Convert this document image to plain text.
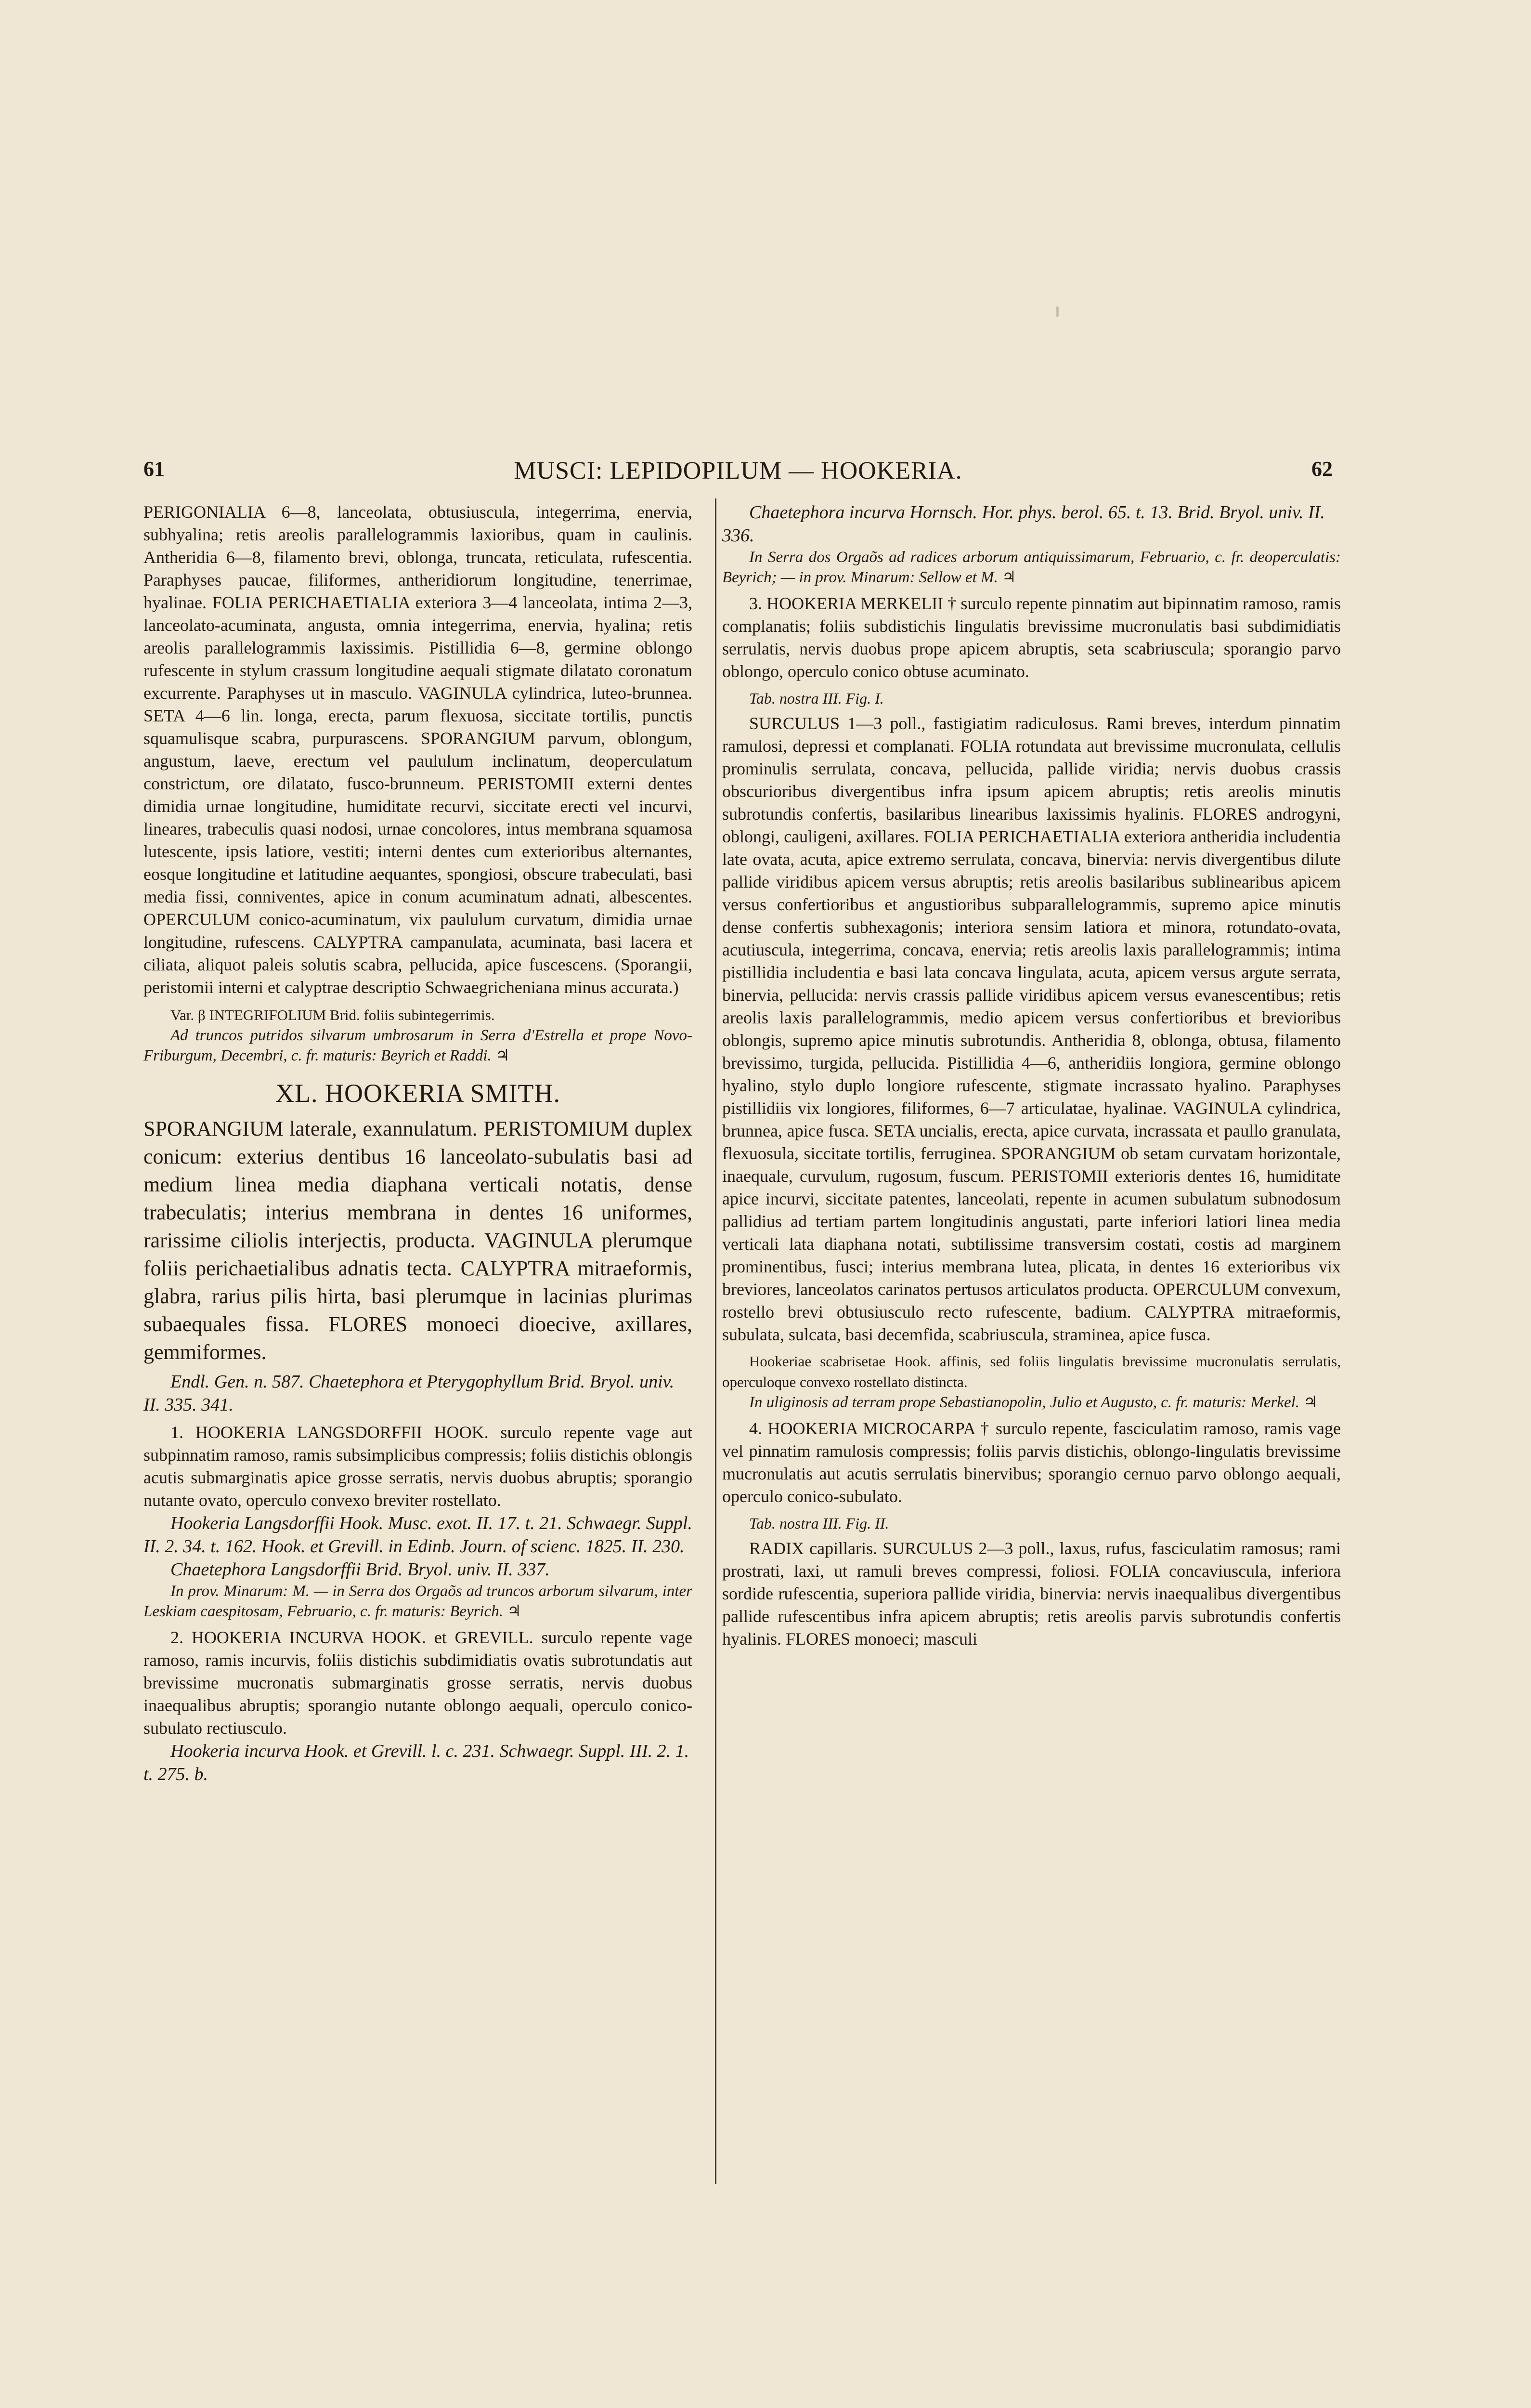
61	MUSCI: LEPIDOPILUM — HOOKERIA.	62

PERIGONIALIA 6—8, lanceolata, obtusiuscula, integerrima, enervia, subhyalina; retis areolis parallelogrammis laxioribus, quam in caulinis. Antheridia 6—8, filamento brevi, oblonga, truncata, reticulata, rufescentia. Paraphyses paucae, filiformes, antheridiorum longitudine, tenerrimae, hyalinae. FOLIA PERICHAETIALIA exteriora 3—4 lanceolata, intima 2—3, lanceolato-acuminata, angusta, omnia integerrima, enervia, hyalina; retis areolis parallelogrammis laxissimis. Pistillidia 6—8, germine oblongo rufescente in stylum crassum longitudine aequali stigmate dilatato coronatum excurrente. Paraphyses ut in masculo. VAGINULA cylindrica, luteo-brunnea. SETA 4—6 lin. longa, erecta, parum flexuosa, siccitate tortilis, punctis squamulisque scabra, purpurascens. SPORANGIUM parvum, oblongum, angustum, laeve, erectum vel paululum inclinatum, deoperculatum constrictum, ore dilatato, fusco-brunneum. PERISTOMII externi dentes dimidia urnae longitudine, humiditate recurvi, siccitate erecti vel incurvi, lineares, trabeculis quasi nodosi, urnae concolores, intus membrana squamosa lutescente, ipsis latiore, vestiti; interni dentes cum exterioribus alternantes, eosque longitudine et latitudine aequantes, spongiosi, obscure trabeculati, basi media fissi, conniventes, apice in conum acuminatum adnati, albescentes. OPERCULUM conico-acuminatum, vix paululum curvatum, dimidia urnae longitudine, rufescens. CALYPTRA campanulata, acuminata, basi lacera et ciliata, aliquot paleis solutis scabra, pellucida, apice fuscescens. (Sporangii, peristomii interni et calyptrae descriptio Schwaegricheniana minus accurata.)

Var. β INTEGRIFOLIUM Brid. foliis subintegerrimis.

Ad truncos putridos silvarum umbrosarum in Serra d'Estrella et prope Novo-Friburgum, Decembri, c. fr. maturis: Beyrich et Raddi. ♃

XL. HOOKERIA SMITH.

SPORANGIUM laterale, exannulatum. PERISTOMIUM duplex conicum: exterius dentibus 16 lanceolato-subulatis basi ad medium linea media diaphana verticali notatis, dense trabeculatis; interius membrana in dentes 16 uniformes, rarissime ciliolis interjectis, producta. VAGINULA plerumque foliis perichaetialibus adnatis tecta. CALYPTRA mitraeformis, glabra, rarius pilis hirta, basi plerumque in lacinias plurimas subaequales fissa. FLORES monoeci dioecive, axillares, gemmiformes.

Endl. Gen. n. 587. Chaetephora et Pterygophyllum Brid. Bryol. univ. II. 335. 341.

1. HOOKERIA LANGSDORFFII HOOK. surculo repente vage aut subpinnatim ramoso, ramis subsimplicibus compressis; foliis distichis oblongis acutis submarginatis apice grosse serratis, nervis duobus abruptis; sporangio nutante ovato, operculo convexo breviter rostellato.

Hookeria Langsdorffii Hook. Musc. exot. II. 17. t. 21. Schwaegr. Suppl. II. 2. 34. t. 162. Hook. et Grevill. in Edinb. Journ. of scienc. 1825. II. 230.

Chaetephora Langsdorffii Brid. Bryol. univ. II. 337.

In prov. Minarum: M. — in Serra dos Orgaõs ad truncos arborum silvarum, inter Leskiam caespitosam, Februario, c. fr. maturis: Beyrich. ♃

2. HOOKERIA INCURVA HOOK. et GREVILL. surculo repente vage ramoso, ramis incurvis, foliis distichis subdimidiatis ovatis subrotundatis aut brevissime mucronatis submarginatis grosse serratis, nervis duobus inaequalibus abruptis; sporangio nutante oblongo aequali, operculo conico-subulato rectiusculo.

Hookeria incurva Hook. et Grevill. l. c. 231. Schwaegr. Suppl. III. 2. 1. t. 275. b.

Chaetephora incurva Hornsch. Hor. phys. berol. 65. t. 13. Brid. Bryol. univ. II. 336.

In Serra dos Orgaõs ad radices arborum antiquissimarum, Februario, c. fr. deoperculatis: Beyrich; — in prov. Minarum: Sellow et M. ♃

3. HOOKERIA MERKELII † surculo repente pinnatim aut bipinnatim ramoso, ramis complanatis; foliis subdistichis lingulatis brevissime mucronulatis basi subdimidiatis serrulatis, nervis duobus prope apicem abruptis, seta scabriuscula; sporangio parvo oblongo, operculo conico obtuse acuminato.

Tab. nostra III. Fig. I.

SURCULUS 1—3 poll., fastigiatim radiculosus. Rami breves, interdum pinnatim ramulosi, depressi et complanati. FOLIA rotundata aut brevissime mucronulata, cellulis prominulis serrulata, concava, pellucida, pallide viridia; nervis duobus crassis obscurioribus divergentibus infra ipsum apicem abruptis; retis areolis minutis subrotundis confertis, basilaribus linearibus laxissimis hyalinis. FLORES androgyni, oblongi, cauligeni, axillares. FOLIA PERICHAETIALIA exteriora antheridia includentia late ovata, acuta, apice extremo serrulata, concava, binervia: nervis divergentibus dilute pallide viridibus apicem versus abruptis; retis areolis basilaribus sublinearibus apicem versus confertioribus et angustioribus subparallelogrammis, supremo apice minutis dense confertis subhexagonis; interiora sensim latiora et minora, rotundato-ovata, acutiuscula, integerrima, concava, enervia; retis areolis laxis parallelogrammis; intima pistillidia includentia e basi lata concava lingulata, acuta, apicem versus argute serrata, binervia, pellucida: nervis crassis pallide viridibus apicem versus evanescentibus; retis areolis laxis parallelogrammis, medio apicem versus confertioribus et brevioribus oblongis, supremo apice minutis subrotundis. Antheridia 8, oblonga, obtusa, filamento brevissimo, turgida, pellucida. Pistillidia 4—6, antheridiis longiora, germine oblongo hyalino, stylo duplo longiore rufescente, stigmate incrassato hyalino. Paraphyses pistillidiis vix longiores, filiformes, 6—7 articulatae, hyalinae. VAGINULA cylindrica, brunnea, apice fusca. SETA uncialis, erecta, apice curvata, incrassata et paullo granulata, flexuosula, siccitate tortilis, ferruginea. SPORANGIUM ob setam curvatam horizontale, inaequale, curvulum, rugosum, fuscum. PERISTOMII exterioris dentes 16, humiditate apice incurvi, siccitate patentes, lanceolati, repente in acumen subulatum subnodosum pallidius ad tertiam partem longitudinis angustati, parte inferiori latiori linea media verticali lata diaphana notati, subtilissime transversim costati, costis ad marginem prominentibus, fusci; interius membrana lutea, plicata, in dentes 16 exterioribus vix breviores, lanceolatos carinatos pertusos articulatos producta. OPERCULUM convexum, rostello brevi obtusiusculo recto rufescente, badium. CALYPTRA mitraeformis, subulata, sulcata, basi decemfida, scabriuscula, straminea, apice fusca.

Hookeriae scabrisetae Hook. affinis, sed foliis lingulatis brevissime mucronulatis serrulatis, operculoque convexo rostellato distincta.

In uliginosis ad terram prope Sebastianopolin, Julio et Augusto, c. fr. maturis: Merkel. ♃

4. HOOKERIA MICROCARPA † surculo repente, fasciculatim ramoso, ramis vage vel pinnatim ramulosis compressis; foliis parvis distichis, oblongo-lingulatis brevissime mucronulatis aut acutis serrulatis binervibus; sporangio cernuo parvo oblongo aequali, operculo conico-subulato.

Tab. nostra III. Fig. II.

RADIX capillaris. SURCULUS 2—3 poll., laxus, rufus, fasciculatim ramosus; rami prostrati, laxi, ut ramuli breves compressi, foliosi. FOLIA concaviuscula, inferiora sordide rufescentia, superiora pallide viridia, binervia: nervis inaequalibus divergentibus pallide rufescentibus infra apicem abruptis; retis areolis parvis subrotundis confertis hyalinis. FLORES monoeci; masculi
